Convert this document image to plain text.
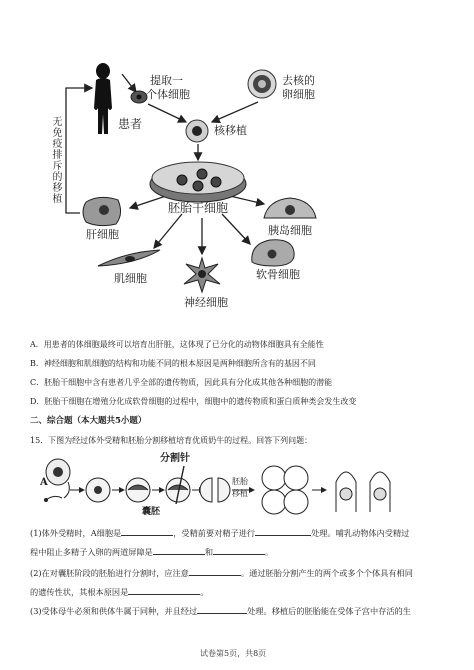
患者
提取一
个体细胞
去核的
卵细胞
核移植
胚胎干细胞
肝细胞	胰岛细胞
肌细胞
神经细胞
软骨细胞
无免疫排斥的移植
A．用患者的体细胞最终可以培育出肝脏，这体现了已分化的动物体细胞具有全能性
B．神经细胞和肌细胞的结构和功能不同的根本原因是两种细胞所含有的基因不同
C．胚胎干细胞中含有患者几乎全部的遗传物质，因此具有分化成其他各种细胞的潜能
D．胚胎干细胞在增殖分化成软骨细胞的过程中，细胞中的遗传物质和蛋白质种类会发生改变
二、综合题（本大题共5小题）
15．下图为经过体外受精和胚胎分割移植培育优质奶牛的过程。回答下列问题：
A
分割针
囊胚
胚胎
移植
(1)体外受精时，A细胞是	，受精前要对精子进行	处理。哺乳动物体内受精过
程中阻止多精子入卵的两道屏障是	和	。
(2)在对囊胚阶段的胚胎进行分割时，应注意	。通过胚胎分割产生的两个或多个个体具有相同
的遗传性状，其根本原因是	。
(3)受体母牛必须和供体牛属于同种，并且经过	处理。移植后的胚胎能在受体子宫中存活的生
试卷第5页，共8页
